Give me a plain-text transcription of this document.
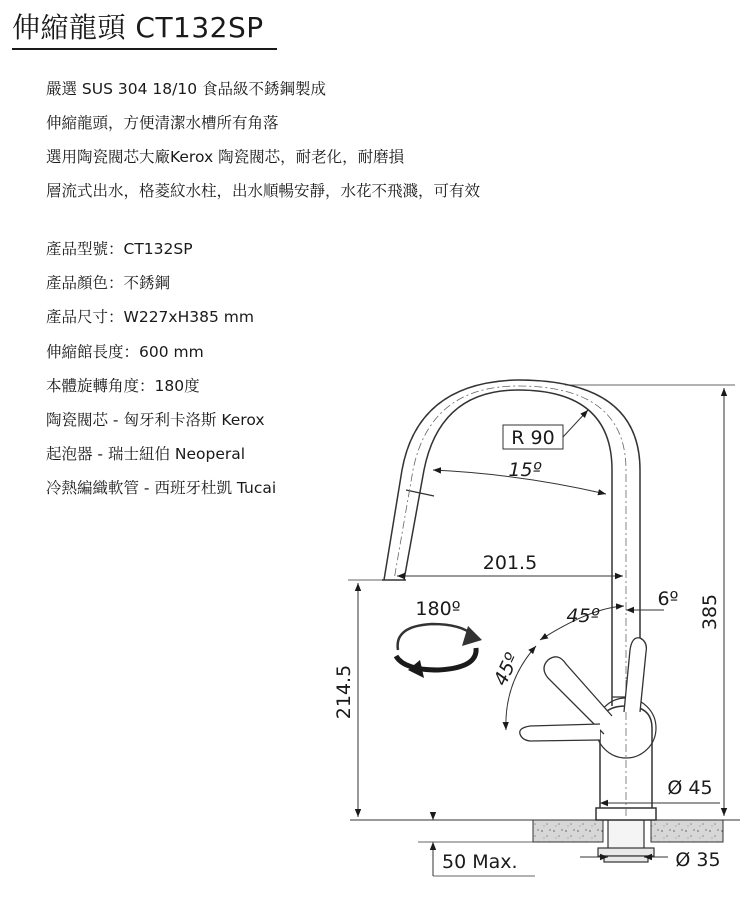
伸縮龍頭 CT132SP
嚴選 SUS 304 18/10 食品級不銹鋼製成
伸縮龍頭，方便清潔水槽所有角落
選用陶瓷閥芯大廠Kerox 陶瓷閥芯，耐老化，耐磨損
層流式出水，格菱紋水柱，出水順暢安靜，水花不飛濺，可有效
產品型號：CT132SP
產品顏色：不銹鋼
產品尺寸：W227xH385 mm
伸縮館長度：600 mm
本體旋轉角度：180度
陶瓷閥芯 - 匈牙利卡洛斯 Kerox
起泡器 - 瑞士紐伯 Neoperal
冷熱編織軟管 - 西班牙杜凱 Tucai
385
214.5
201.5
R 90
15º
180º	45º
45º
6º
Ø 45
Ø 35
50 Max.
